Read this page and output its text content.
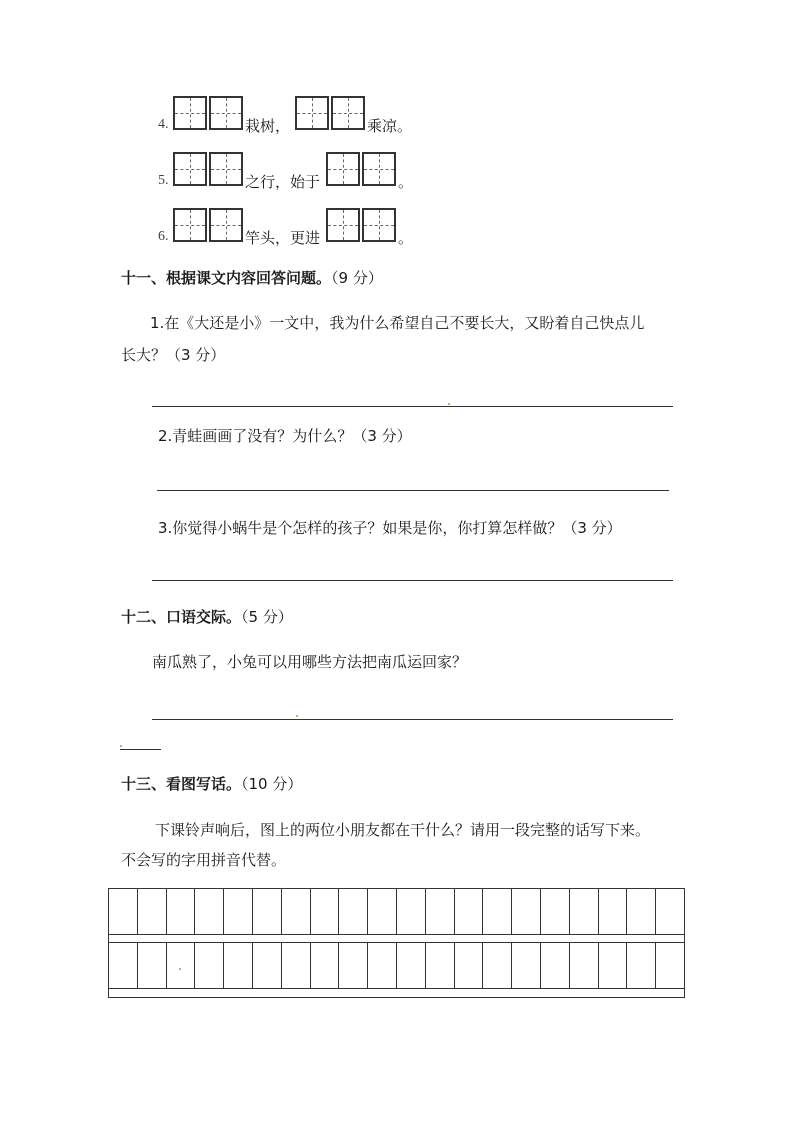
4.	栽树，	乘凉。
5.	之行，始于	。
6.	竿头，更进	。
十一、根据课文内容回答问题。（9 分）
1.在《大还是小》一文中，我为什么希望自己不要长大，又盼着自己快点儿
长大？（3 分）
2.青蛙画画了没有？为什么？（3 分）
3.你觉得小蜗牛是个怎样的孩子？如果是你，你打算怎样做？（3 分）
十二、口语交际。（5 分）
南瓜熟了，小兔可以用哪些方法把南瓜运回家？
十三、看图写话。（10 分）
下课铃声响后，图上的两位小朋友都在干什么？请用一段完整的话写下来。
不会写的字用拼音代替。
